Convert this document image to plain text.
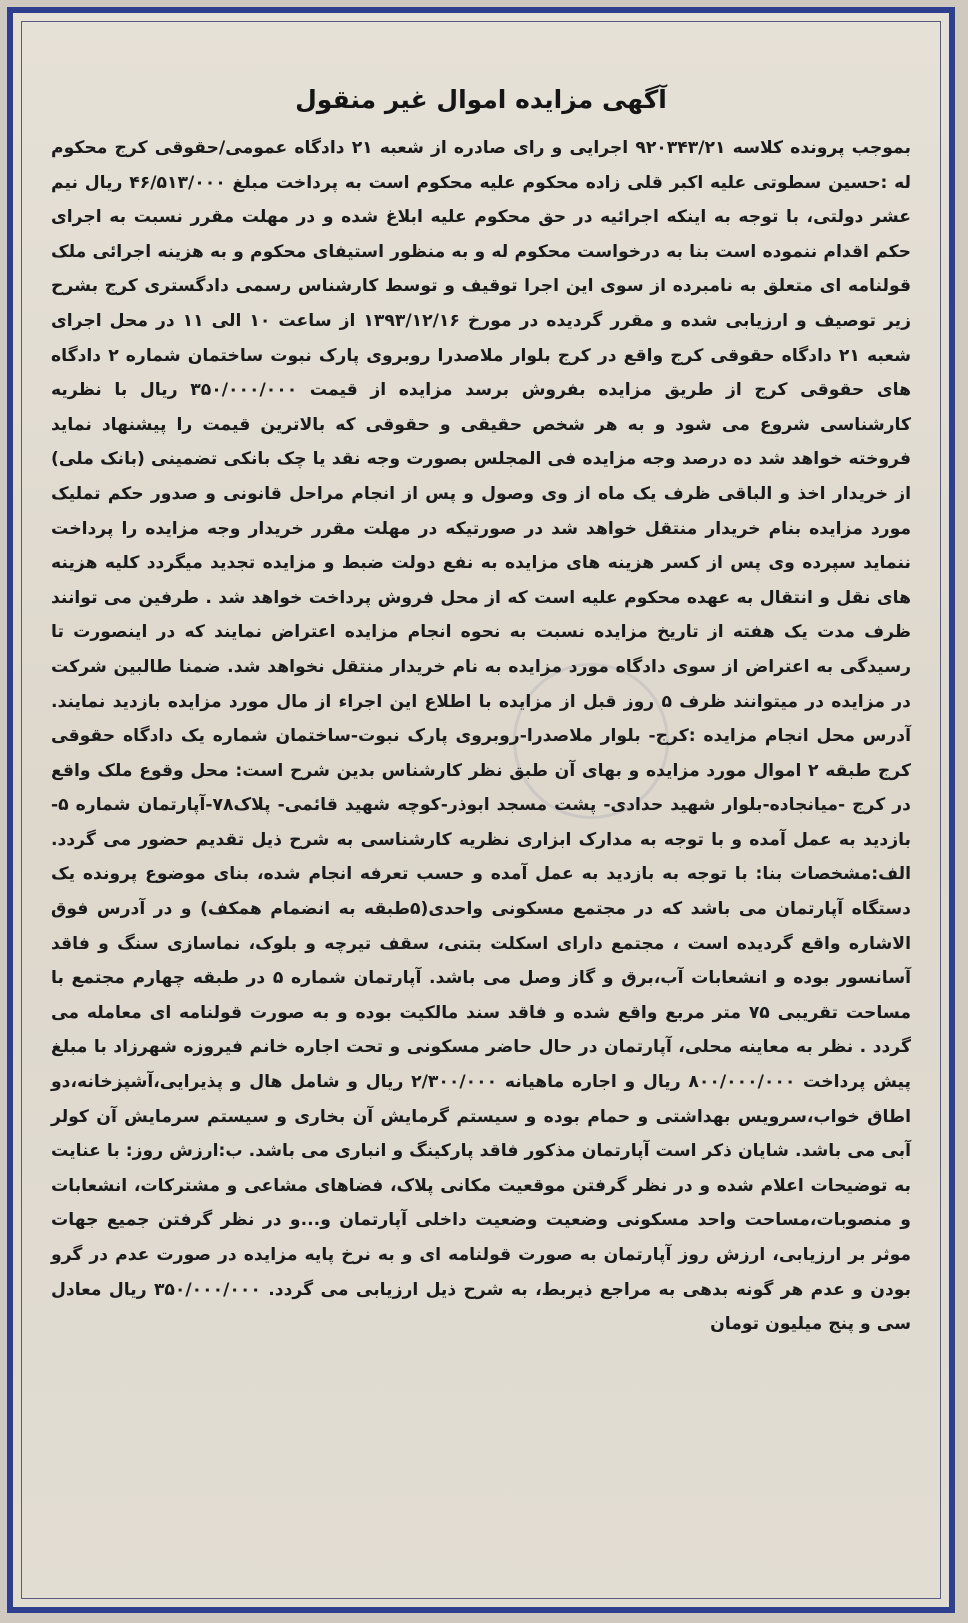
آگهی مزایده اموال غیر منقول

بموجب پرونده کلاسه ۹۲۰۳۴۳/۲۱ اجرایی و رای صادره از شعبه ۲۱ دادگاه عمومی/حقوقی کرج محکوم له :حسین سطوتی علیه اکبر قلی زاده محکوم علیه محکوم است به پرداخت مبلغ ۴۶/۵۱۳/۰۰۰ ریال نیم عشر دولتی، با توجه به اینکه اجرائیه در حق محکوم علیه ابلاغ شده و در مهلت مقرر نسبت به اجرای حکم اقدام ننموده است بنا به درخواست محکوم له و به منظور استیفای محکوم و به هزینه اجرائی ملک قولنامه ای متعلق به نامبرده از سوی این اجرا توقیف و توسط کارشناس رسمی دادگستری کرج بشرح زیر توصیف و ارزیابی شده و مقرر گردیده در مورخ ۱۳۹۳/۱۲/۱۶ از ساعت ۱۰ الی ۱۱ در محل اجرای شعبه ۲۱ دادگاه حقوقی کرج واقع در کرج بلوار ملاصدرا روبروی پارک نبوت ساختمان شماره ۲ دادگاه های حقوقی کرج از طریق مزایده بفروش برسد مزایده از قیمت ۳۵۰/۰۰۰/۰۰۰ ریال با نظریه کارشناسی شروع می شود و به هر شخص حقیقی و حقوقی که بالاترین قیمت را پیشنهاد نماید فروخته خواهد شد ده درصد وجه مزایده فی المجلس بصورت وجه نقد یا چک بانکی تضمینی (بانک ملی) از خریدار اخذ و الباقی ظرف یک ماه از وی وصول و پس از انجام مراحل قانونی و صدور حکم تملیک مورد مزایده بنام خریدار منتقل خواهد شد در صورتیکه در مهلت مقرر خریدار وجه مزایده را پرداخت ننماید سپرده وی پس از کسر هزینه های مزایده به نفع دولت ضبط و مزایده تجدید میگردد کلیه هزینه های نقل و انتقال به عهده محکوم علیه است که از محل فروش پرداخت خواهد شد . طرفین می توانند ظرف مدت یک هفته از تاریخ مزایده نسبت به نحوه انجام مزایده اعتراض نمایند که در اینصورت تا رسیدگی به اعتراض از سوی دادگاه مورد مزایده به نام خریدار منتقل نخواهد شد. ضمنا طالبین شرکت در مزایده در میتوانند ظرف ۵ روز قبل از مزایده با اطلاع این اجراء از مال مورد مزایده بازدید نمایند. آدرس محل انجام مزایده :کرج- بلوار ملاصدرا-روبروی پارک نبوت-ساختمان شماره یک دادگاه حقوقی کرج طبقه ۲ اموال مورد مزایده و بهای آن طبق نظر کارشناس بدین شرح است: محل وقوع ملک واقع در کرج -میانجاده-بلوار شهید حدادی- پشت مسجد ابوذر-کوچه شهید قائمی- پلاک۷۸-آپارتمان شماره ۵- بازدید به عمل آمده و با توجه به مدارک ابزاری نظریه کارشناسی به شرح ذیل تقدیم حضور می گردد. الف:مشخصات بنا: با توجه به بازدید به عمل آمده و حسب تعرفه انجام شده، بنای موضوع پرونده یک دستگاه آپارتمان می باشد که در مجتمع مسکونی واحدی(۵طبقه به انضمام همکف) و در آدرس فوق الاشاره واقع گردیده است ، مجتمع دارای اسکلت بتنی، سقف تیرچه و بلوک، نماسازی سنگ و فاقد آسانسور بوده و انشعابات آب،برق و گاز وصل می باشد. آپارتمان شماره ۵ در طبقه چهارم مجتمع با مساحت تقریبی ۷۵ متر مربع واقع شده و فاقد سند مالکیت بوده و به صورت قولنامه ای معامله می گردد . نظر به معاینه محلی، آپارتمان در حال حاضر مسکونی و تحت اجاره خانم فیروزه شهرزاد با مبلغ پیش پرداخت ۸۰۰/۰۰۰/۰۰۰ ریال و اجاره ماهیانه ۲/۳۰۰/۰۰۰ ریال و شامل هال و پذیرایی،آشپزخانه،دو اطاق خواب،سرویس بهداشتی و حمام بوده و سیستم گرمایش آن بخاری و سیستم سرمایش آن کولر آبی می باشد. شایان ذکر است آپارتمان مذکور فاقد پارکینگ و انباری می باشد. ب:ارزش روز: با عنایت به توضیحات اعلام شده و در نظر گرفتن موقعیت مکانی پلاک، فضاهای مشاعی و مشترکات، انشعابات و منصوبات،مساحت واحد مسکونی وضعیت وضعیت داخلی آپارتمان و...و در نظر گرفتن جمیع جهات موثر بر ارزیابی، ارزش روز آپارتمان به صورت قولنامه ای و به نرخ پایه مزایده در صورت عدم در گرو بودن و عدم هر گونه بدهی به مراجع ذیربط، به شرح ذیل ارزیابی می گردد. ۳۵۰/۰۰۰/۰۰۰ ریال معادل سی و پنج میلیون تومان
